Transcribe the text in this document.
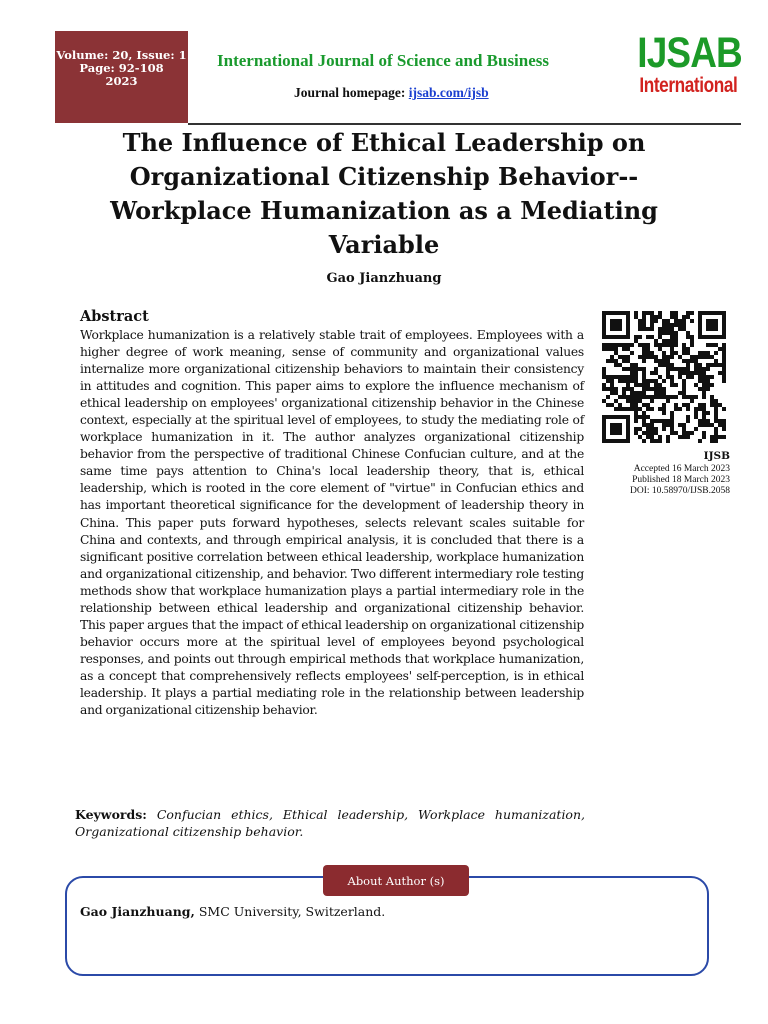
Volume: 20, Issue: 1
Page: 92-108
2023
International Journal of Science and Business
Journal homepage: ijsab.com/ijsb
IJSAB
International
The Influence of Ethical Leadership on Organizational Citizenship Behavior--Workplace Humanization as a Mediating Variable
Gao Jianzhuang
Abstract
Workplace humanization is a relatively stable trait of employees. Employees with a higher degree of work meaning, sense of community and organizational values internalize more organizational citizenship behaviors to maintain their consistency in attitudes and cognition. This paper aims to explore the influence mechanism of ethical leadership on employees' organizational citizenship behavior in the Chinese context, especially at the spiritual level of employees, to study the mediating role of workplace humanization in it. The author analyzes organizational citizenship behavior from the perspective of traditional Chinese Confucian culture, and at the same time pays attention to China's local leadership theory, that is, ethical leadership, which is rooted in the core element of "virtue" in Confucian ethics and has important theoretical significance for the development of leadership theory in China. This paper puts forward hypotheses, selects relevant scales suitable for China and contexts, and through empirical analysis, it is concluded that there is a significant positive correlation between ethical leadership, workplace humanization and organizational citizenship, and behavior. Two different intermediary role testing methods show that workplace humanization plays a partial intermediary role in the relationship between ethical leadership and organizational citizenship behavior. This paper argues that the impact of ethical leadership on organizational citizenship behavior occurs more at the spiritual level of employees beyond psychological responses, and points out through empirical methods that workplace humanization, as a concept that comprehensively reflects employees' self-perception, is in ethical leadership. It plays a partial mediating role in the relationship between leadership and organizational citizenship behavior.
IJSB
Accepted 16 March 2023
Published 18 March 2023
DOI: 10.58970/IJSB.2058
Keywords: Confucian ethics, Ethical leadership, Workplace humanization, Organizational citizenship behavior.
About Author (s)
Gao Jianzhuang, SMC University, Switzerland.
